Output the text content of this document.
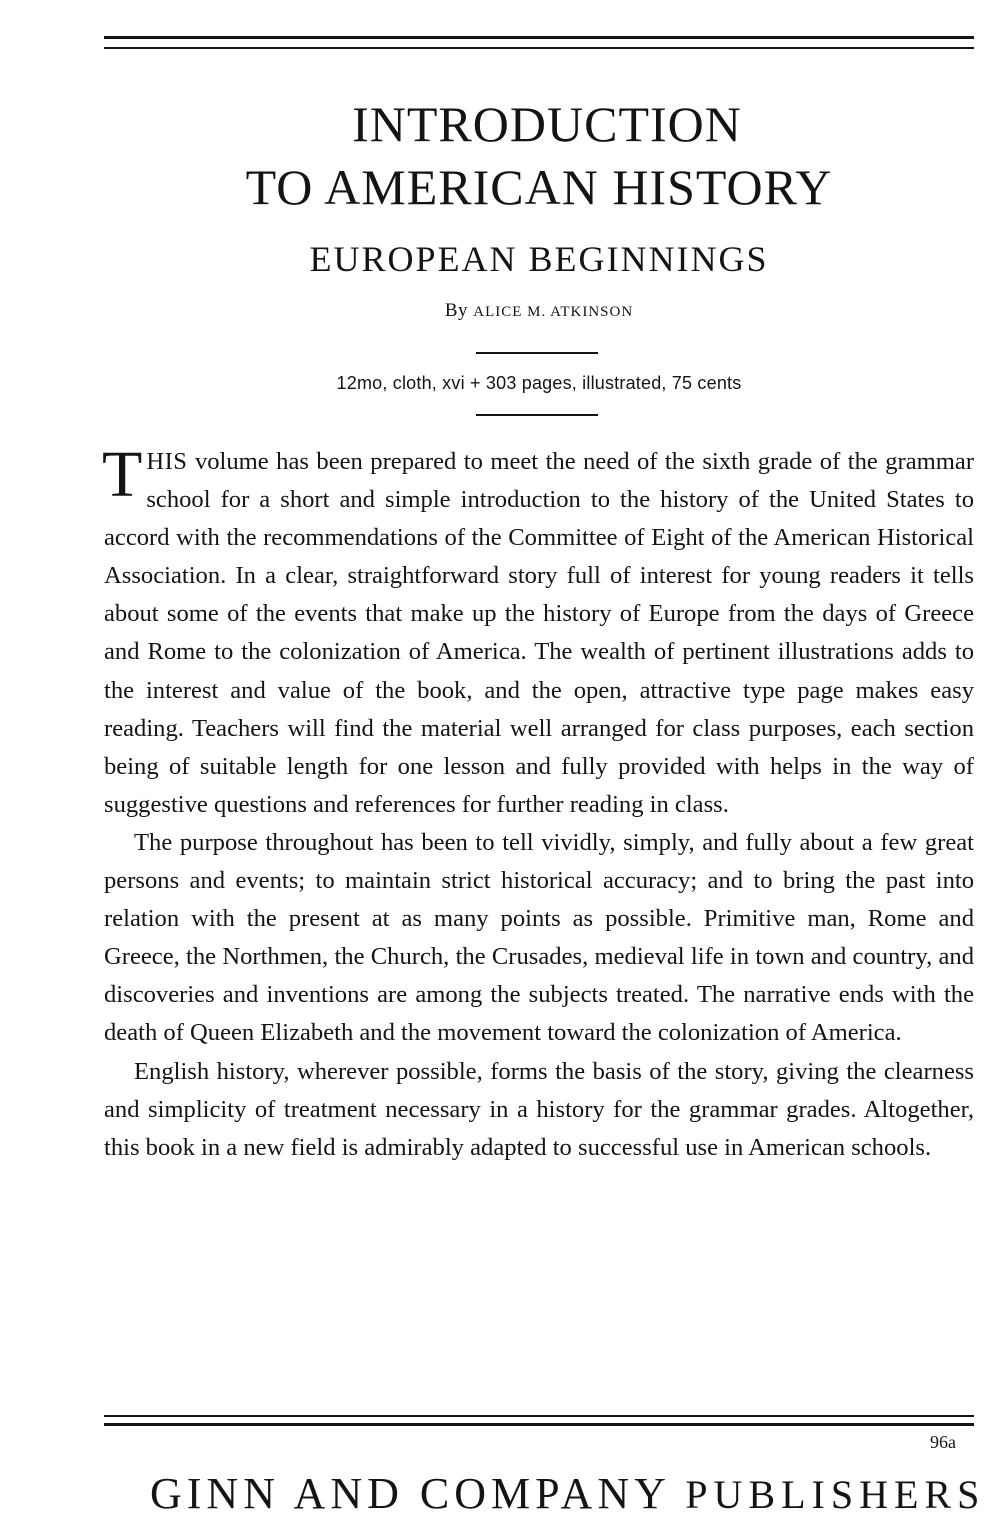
INTRODUCTION
TO AMERICAN HISTORY
EUROPEAN BEGINNINGS
By ALICE M. ATKINSON
12mo, cloth, xvi + 303 pages, illustrated, 75 cents

THIS volume has been prepared to meet the need of the sixth grade of the grammar school for a short and simple introduction to the history of the United States to accord with the recommendations of the Committee of Eight of the American Historical Association. In a clear, straightforward story full of interest for young readers it tells about some of the events that make up the history of Europe from the days of Greece and Rome to the colonization of America. The wealth of pertinent illustrations adds to the interest and value of the book, and the open, attractive type page makes easy reading. Teachers will find the material well arranged for class purposes, each section being of suitable length for one lesson and fully provided with helps in the way of suggestive questions and references for further reading in class.

The purpose throughout has been to tell vividly, simply, and fully about a few great persons and events; to maintain strict historical accuracy; and to bring the past into relation with the present at as many points as possible. Primitive man, Rome and Greece, the Northmen, the Church, the Crusades, medieval life in town and country, and discoveries and inventions are among the subjects treated. The narrative ends with the death of Queen Elizabeth and the movement toward the colonization of America.

English history, wherever possible, forms the basis of the story, giving the clearness and simplicity of treatment necessary in a history for the grammar grades. Altogether, this book in a new field is admirably adapted to successful use in American schools.

96a
GINN AND COMPANY PUBLISHERS
